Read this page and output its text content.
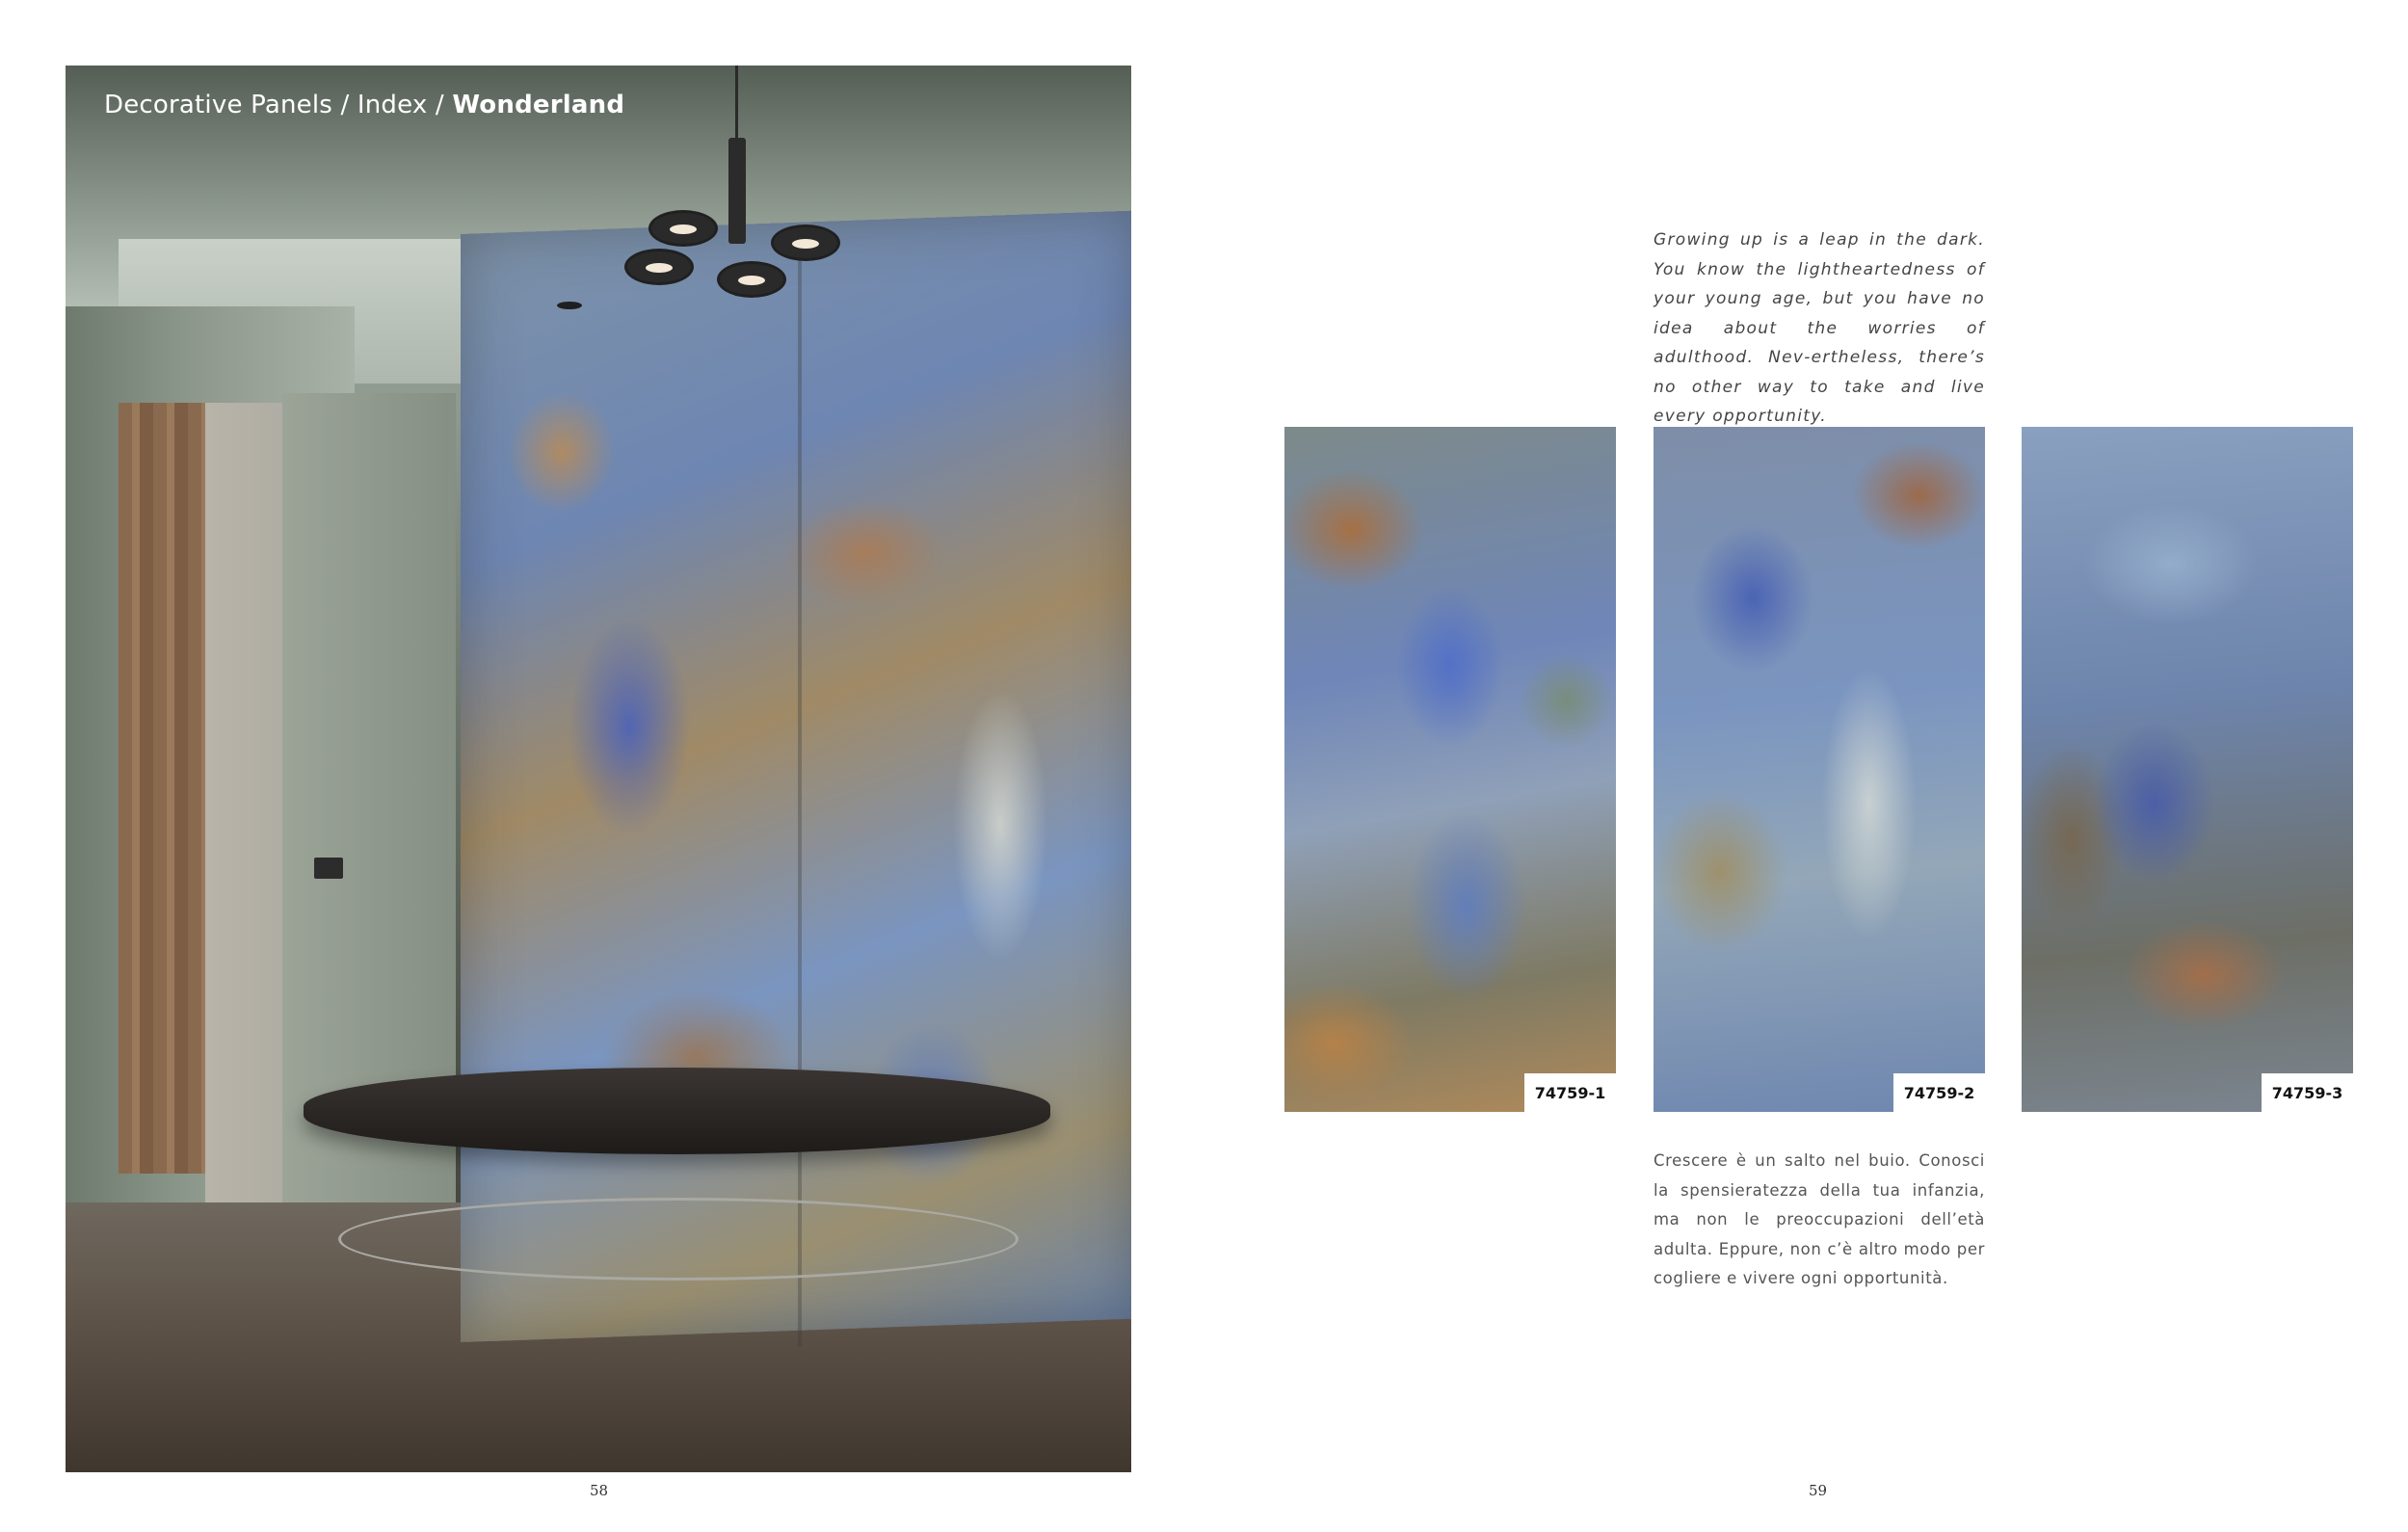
Decorative Panels / Index / Wonderland
58
Growing up is a leap in the dark. You know the lightheartedness of your young age, but you have no idea about the worries of adulthood. Nev-ertheless, there’s no other way to take and live every opportunity.
74759-1	74759-2	74759-3
Crescere è un salto nel buio. Conosci la spensieratezza della tua infanzia, ma non le preoccupazioni dell’età adulta. Eppure, non c’è altro modo per cogliere e vivere ogni opportunità.
59
